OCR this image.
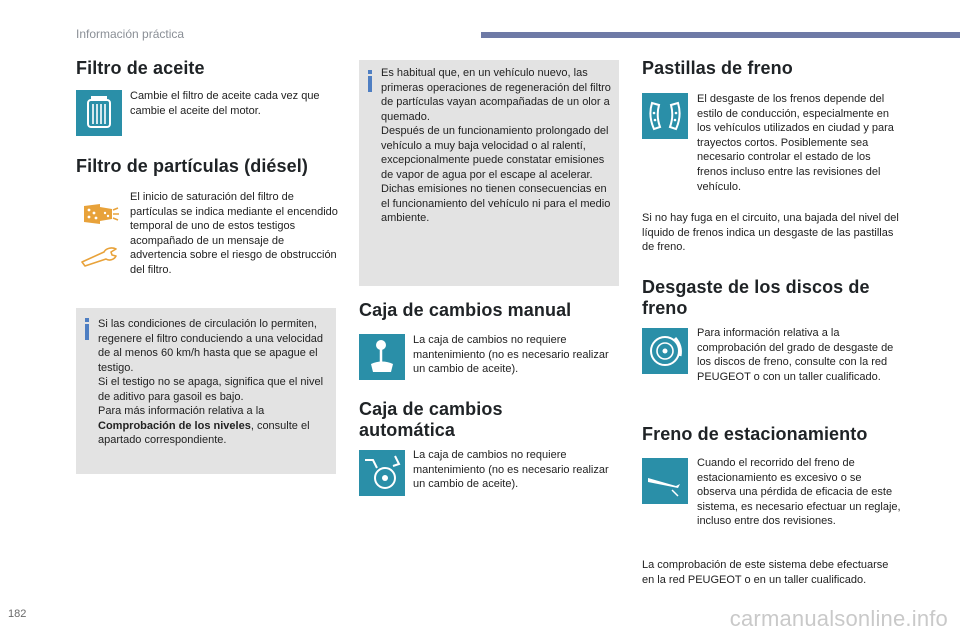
Información práctica
Filtro de aceite
Cambie el filtro de aceite cada vez que cambie el aceite del motor.
Filtro de partículas (diésel)
El inicio de saturación del filtro de partículas se indica mediante el encendido temporal de uno de estos testigos acompañado de un mensaje de advertencia sobre el riesgo de obstrucción del filtro.
Si las condiciones de circulación lo permiten, regenere el filtro conduciendo a una velocidad de al menos 60 km/h hasta que se apague el testigo.
Si el testigo no se apaga, significa que el nivel de aditivo para gasoil es bajo.
Para más información relativa a la Comprobación de los niveles, consulte el apartado correspondiente.
Es habitual que, en un vehículo nuevo, las primeras operaciones de regeneración del filtro de partículas vayan acompañadas de un olor a quemado.
Después de un funcionamiento prolongado del vehículo a muy baja velocidad o al ralentí, excepcionalmente puede constatar emisiones de vapor de agua por el escape al acelerar. Dichas emisiones no tienen consecuencias en el funcionamiento del vehículo ni para el medio ambiente.
Caja de cambios manual
La caja de cambios no requiere mantenimiento (no es necesario realizar un cambio de aceite).
Caja de cambios
automática
La caja de cambios no requiere mantenimiento (no es necesario realizar un cambio de aceite).
Pastillas de freno
El desgaste de los frenos depende del estilo de conducción, especialmente en los vehículos utilizados en ciudad y para trayectos cortos. Posiblemente sea necesario controlar el estado de los frenos incluso entre las revisiones del vehículo.
Si no hay fuga en el circuito, una bajada del nivel del líquido de frenos indica un desgaste de las pastillas de freno.
Desgaste de los discos de
freno
Para información relativa a la comprobación del grado de desgaste de los discos de freno, consulte con la red PEUGEOT o con un taller cualificado.
Freno de estacionamiento
Cuando el recorrido del freno de estacionamiento es excesivo o se observa una pérdida de eficacia de este sistema, es necesario efectuar un reglaje, incluso entre dos revisiones.
La comprobación de este sistema debe efectuarse en la red PEUGEOT o en un taller cualificado.
182	carmanualsonline.info
